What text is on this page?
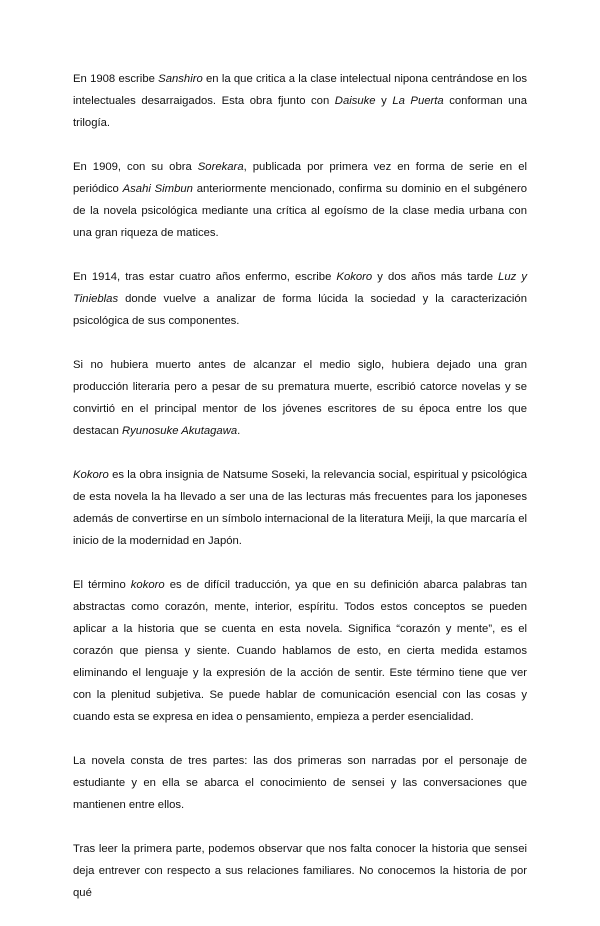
En 1908 escribe Sanshiro en la que critica a la clase intelectual nipona centrándose en los intelectuales desarraigados. Esta obra fjunto con Daisuke y La Puerta conforman una trilogía.

En 1909, con su obra Sorekara, publicada por primera vez en forma de serie en el periódico Asahi Simbun anteriormente mencionado, confirma su dominio en el subgénero de la novela psicológica mediante una crítica al egoísmo de la clase media urbana con una gran riqueza de matices.

En 1914, tras estar cuatro años enfermo, escribe Kokoro y dos años más tarde Luz y Tinieblas donde vuelve a analizar de forma lúcida la sociedad y la caracterización psicológica de sus componentes.

Si no hubiera muerto antes de alcanzar el medio siglo, hubiera dejado una gran producción literaria pero a pesar de su prematura muerte, escribió catorce novelas y se convirtió en el principal mentor de los jóvenes escritores de su época entre los que destacan Ryunosuke Akutagawa.

Kokoro es la obra insignia de Natsume Soseki, la relevancia social, espiritual y psicológica de esta novela la ha llevado a ser una de las lecturas más frecuentes para los japoneses además de convertirse en un símbolo internacional de la literatura Meiji, la que marcaría el inicio de la modernidad en Japón.

El término kokoro es de difícil traducción, ya que en su definición abarca palabras tan abstractas como corazón, mente, interior, espíritu. Todos estos conceptos se pueden aplicar a la historia que se cuenta en esta novela. Significa “corazón y mente”, es el corazón que piensa y siente. Cuando hablamos de esto, en cierta medida estamos eliminando el lenguaje y la expresión de la acción de sentir. Este término tiene que ver con la plenitud subjetiva. Se puede hablar de comunicación esencial con las cosas y cuando esta se expresa en idea o pensamiento, empieza a perder esencialidad.

La novela consta de tres partes: las dos primeras son narradas por el personaje de estudiante y en ella se abarca el conocimiento de sensei y las conversaciones que mantienen entre ellos.

Tras leer la primera parte, podemos observar que nos falta conocer la historia que sensei deja entrever con respecto a sus relaciones familiares. No conocemos la historia de por qué
